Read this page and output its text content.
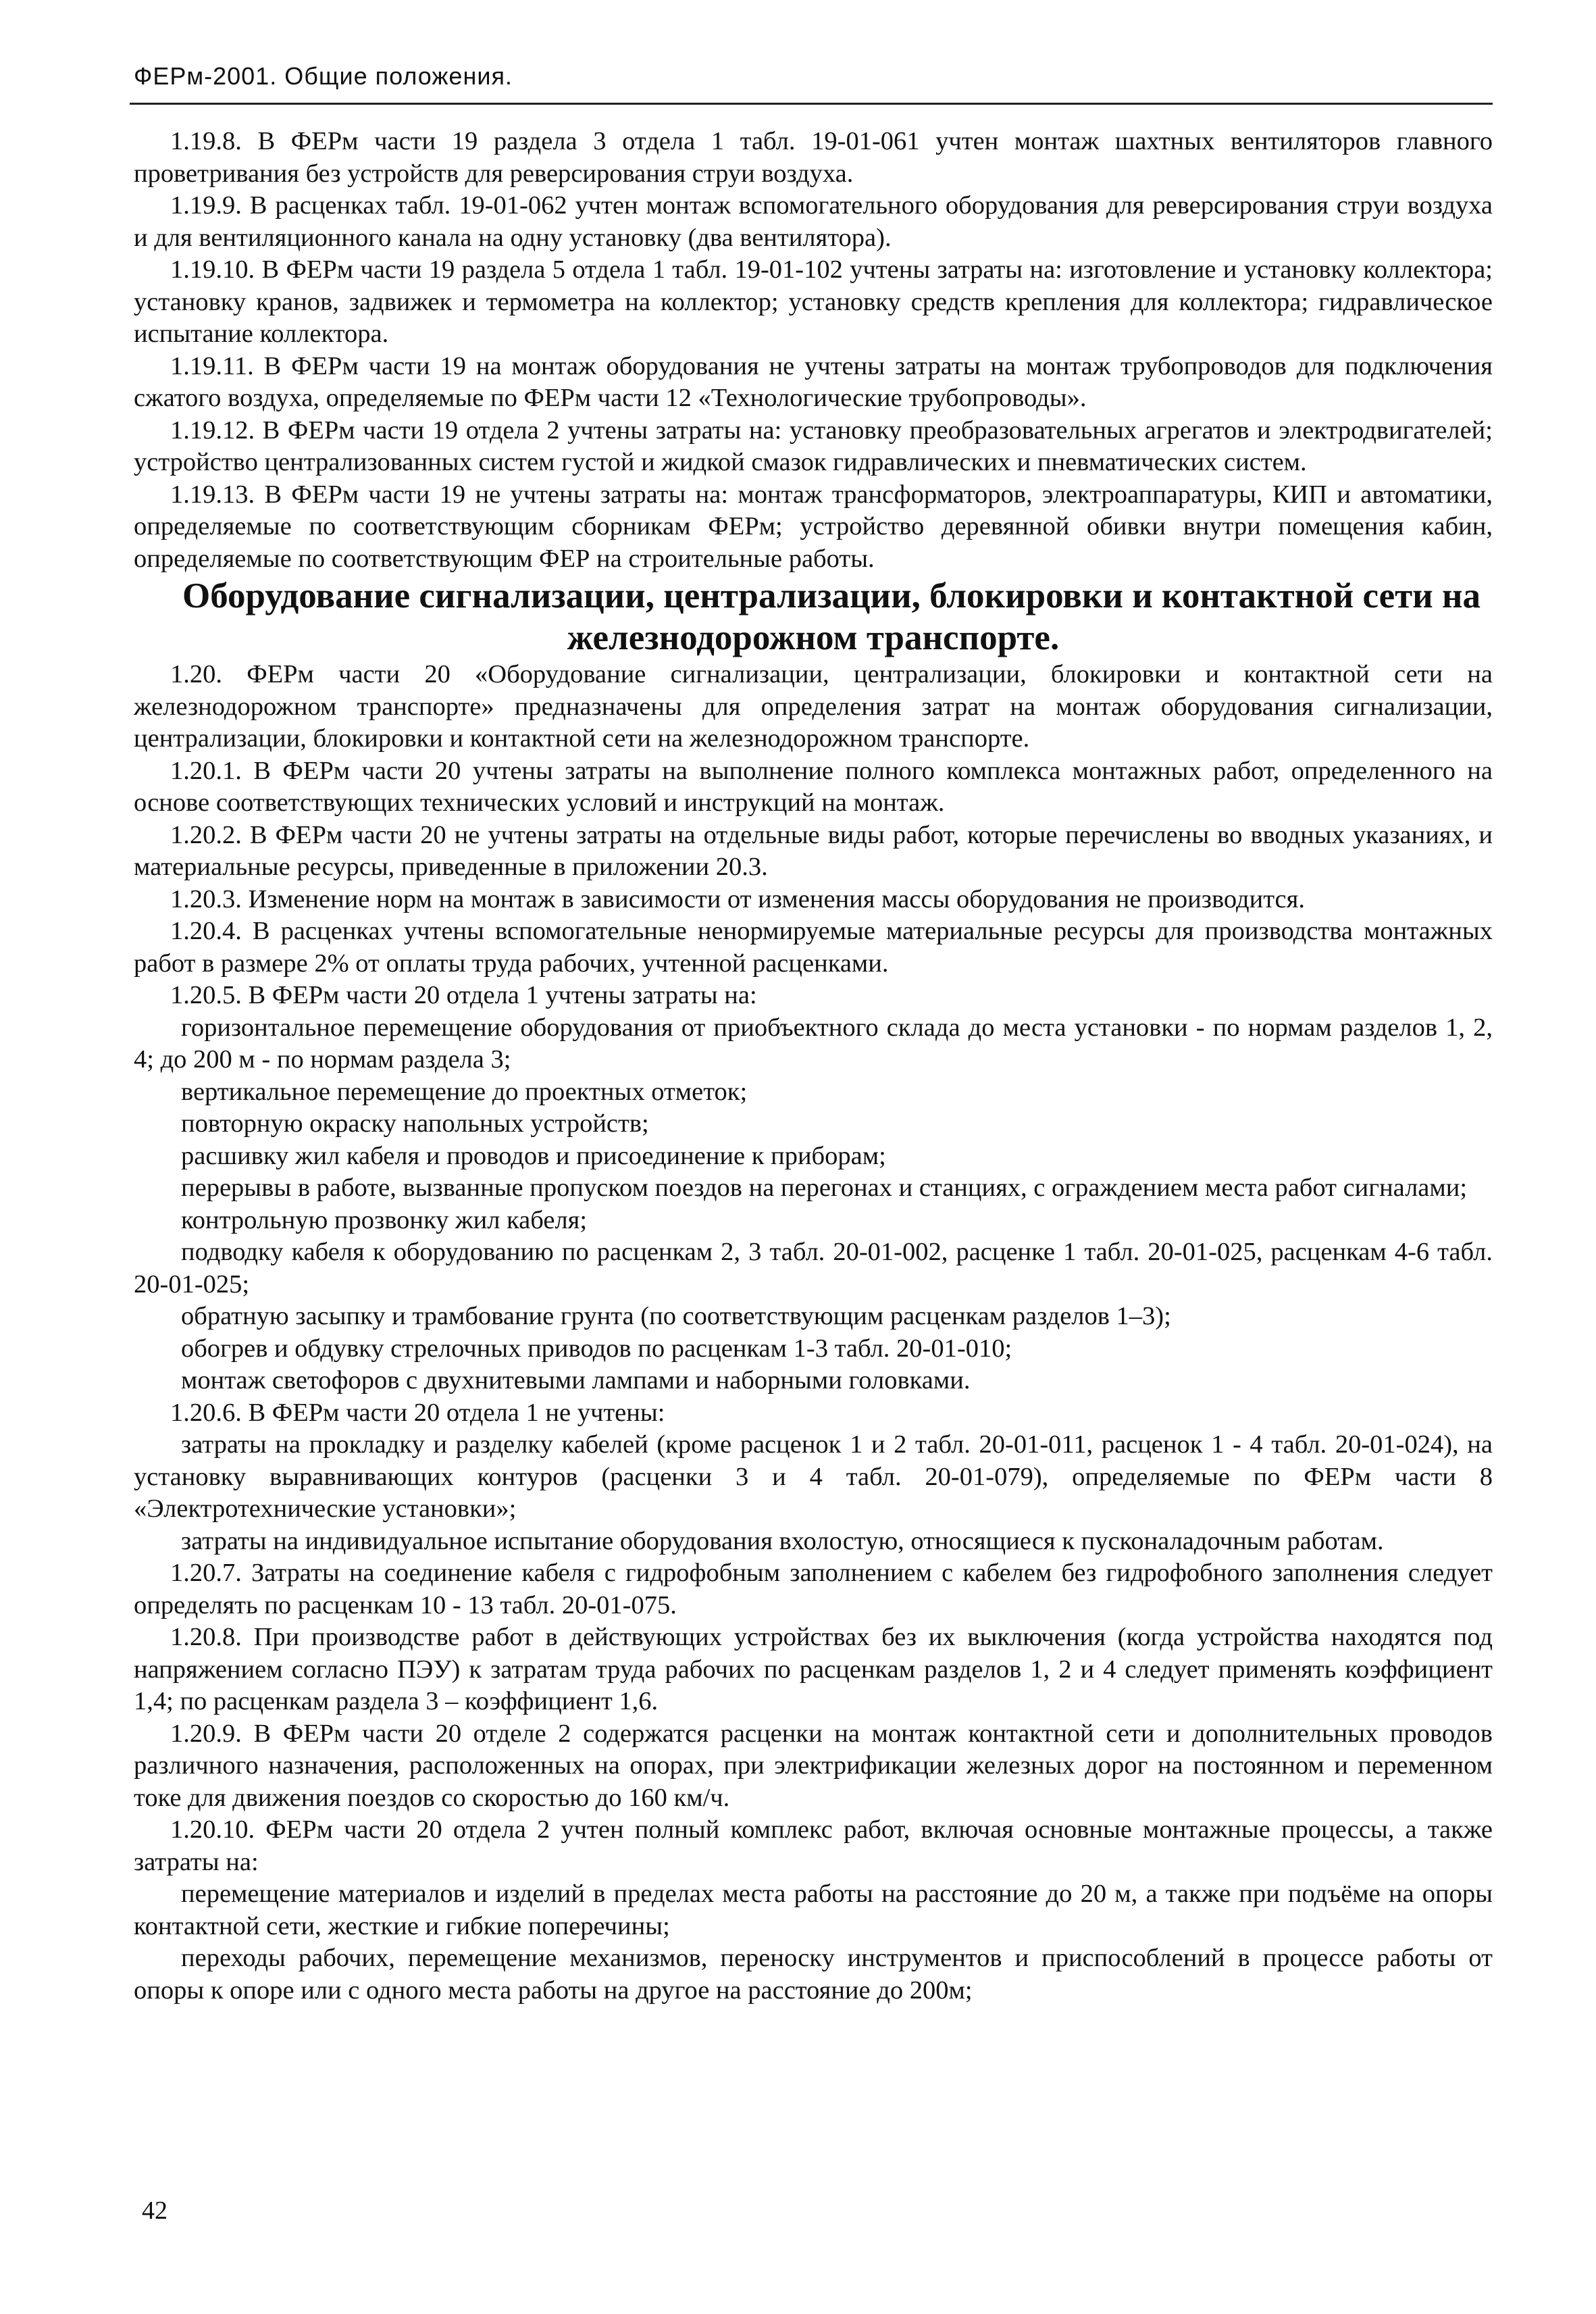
ФЕРм-2001. Общие положения.

1.19.8. В ФЕРм части 19 раздела 3 отдела 1 табл. 19-01-061 учтен монтаж шахтных вентиляторов главного проветривания без устройств для реверсирования струи воздуха.

1.19.9. В расценках табл. 19-01-062 учтен монтаж вспомогательного оборудования для реверсирования струи воздуха и для вентиляционного канала на одну установку (два вентилятора).

1.19.10. В ФЕРм части 19 раздела 5 отдела 1 табл. 19-01-102 учтены затраты на: изготовление и установку коллектора; установку кранов, задвижек и термометра на коллектор; установку средств крепления для коллектора; гидравлическое испытание коллектора.

1.19.11. В ФЕРм части 19 на монтаж оборудования не учтены затраты на монтаж трубопроводов для подключения сжатого воздуха, определяемые по ФЕРм части 12 «Технологические трубопроводы».

1.19.12. В ФЕРм части 19 отдела 2 учтены затраты на: установку преобразовательных агрегатов и электродвигателей; устройство централизованных систем густой и жидкой смазок гидравлических и пневматических систем.

1.19.13. В ФЕРм части 19 не учтены затраты на: монтаж трансформаторов, электроаппаратуры, КИП и автоматики, определяемые по соответствующим сборникам ФЕРм; устройство деревянной обивки внутри помещения кабин, определяемые по соответствующим ФЕР на строительные работы.

Оборудование сигнализации, централизации, блокировки и контактной сети на железнодорожном транспорте.

1.20. ФЕРм части 20 «Оборудование сигнализации, централизации, блокировки и контактной сети на железнодорожном транспорте» предназначены для определения затрат на монтаж оборудования сигнализации, централизации, блокировки и контактной сети на железнодорожном транспорте.

1.20.1. В ФЕРм части 20 учтены затраты на выполнение полного комплекса монтажных работ, определенного на основе соответствующих технических условий и инструкций на монтаж.

1.20.2. В ФЕРм части 20 не учтены затраты на отдельные виды работ, которые перечислены во вводных указаниях, и материальные ресурсы, приведенные в приложении 20.3.

1.20.3. Изменение норм на монтаж в зависимости от изменения массы оборудования не производится.

1.20.4. В расценках учтены вспомогательные ненормируемые материальные ресурсы для производства монтажных работ в размере 2% от оплаты труда рабочих, учтенной расценками.

1.20.5. В ФЕРм части 20 отдела 1 учтены затраты на:

горизонтальное перемещение оборудования от приобъектного склада до места установки - по нормам разделов 1, 2, 4; до 200 м - по нормам раздела 3;

вертикальное перемещение до проектных отметок;

повторную окраску напольных устройств;

расшивку жил кабеля и проводов и присоединение к приборам;

перерывы в работе, вызванные пропуском поездов на перегонах и станциях, с ограждением места работ сигналами;

контрольную прозвонку жил кабеля;

подводку кабеля к оборудованию по расценкам 2, 3 табл. 20-01-002, расценке 1 табл. 20-01-025, расценкам 4-6 табл. 20-01-025;

обратную засыпку и трамбование грунта (по соответствующим расценкам разделов 1–3);

обогрев и обдувку стрелочных приводов по расценкам 1-3 табл. 20-01-010;

монтаж светофоров с двухнитевыми лампами и наборными головками.

1.20.6. В ФЕРм части 20 отдела 1 не учтены:

затраты на прокладку и разделку кабелей (кроме расценок 1 и 2 табл. 20-01-011, расценок 1 - 4 табл. 20-01-024), на установку выравнивающих контуров (расценки 3 и 4 табл. 20-01-079), определяемые по ФЕРм части 8 «Электротехнические установки»;

затраты на индивидуальное испытание оборудования вхолостую, относящиеся к пусконаладочным работам.

1.20.7. Затраты на соединение кабеля с гидрофобным заполнением с кабелем без гидрофобного заполнения следует определять по расценкам 10 - 13 табл. 20-01-075.

1.20.8. При производстве работ в действующих устройствах без их выключения (когда устройства находятся под напряжением согласно ПЭУ) к затратам труда рабочих по расценкам разделов 1, 2 и 4 следует применять коэффициент 1,4; по расценкам раздела 3 – коэффициент 1,6.

1.20.9. В ФЕРм части 20 отделе 2 содержатся расценки на монтаж контактной сети и дополнительных проводов различного назначения, расположенных на опорах, при электрификации железных дорог на постоянном и переменном токе для движения поездов со скоростью до 160 км/ч.

1.20.10. ФЕРм части 20 отдела 2 учтен полный комплекс работ, включая основные монтажные процессы, а также затраты на:

перемещение материалов и изделий в пределах места работы на расстояние до 20 м, а также при подъёме на опоры контактной сети, жесткие и гибкие поперечины;

переходы рабочих, перемещение механизмов, переноску инструментов и приспособлений в процессе работы от опоры к опоре или с одного места работы на другое на расстояние до 200м;

42
